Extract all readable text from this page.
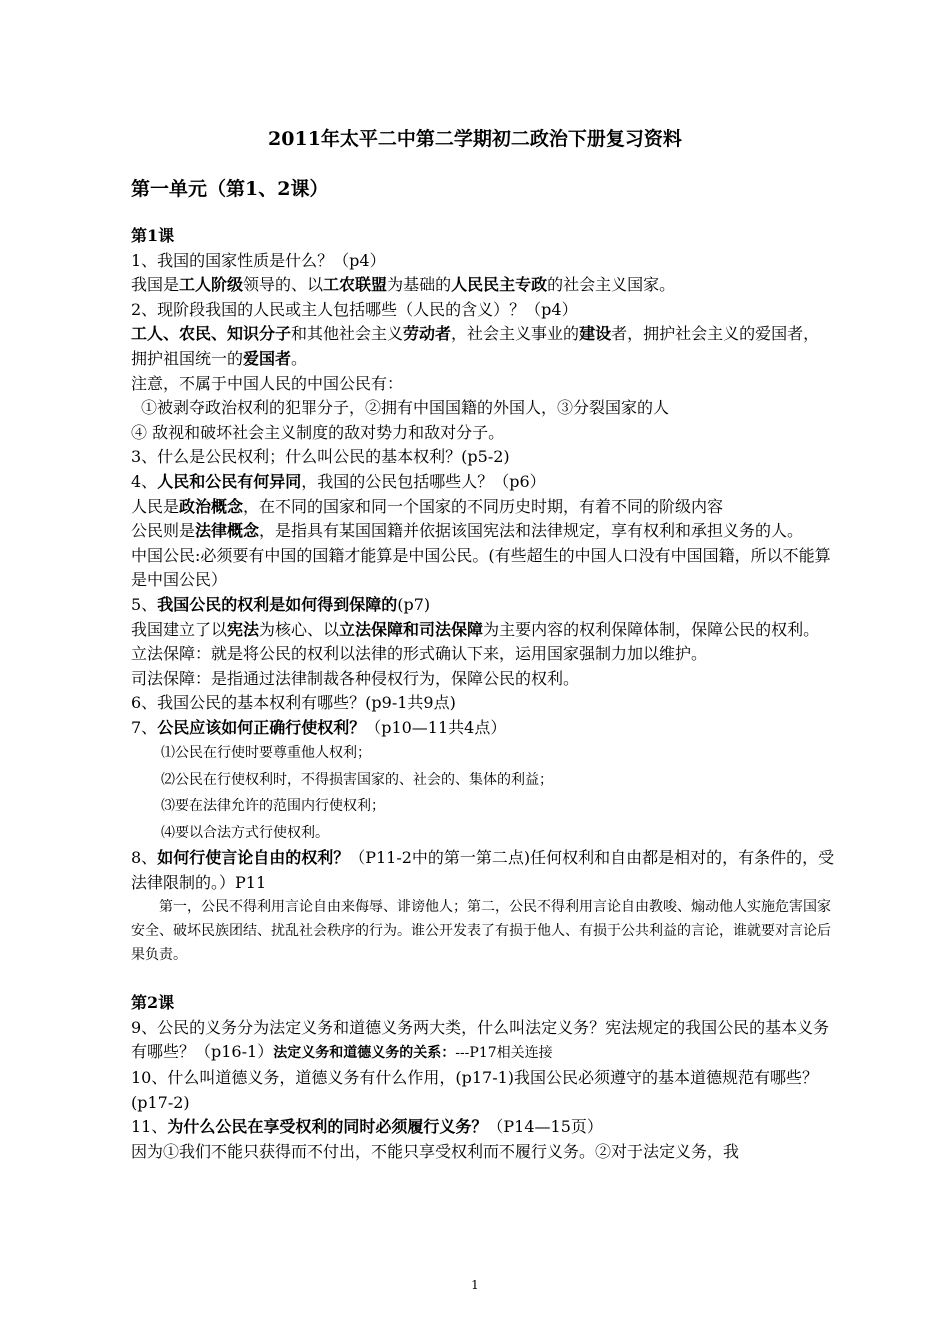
2011年太平二中第二学期初二政治下册复习资料
第一单元（第1、2课）

第1课

1、我国的国家性质是什么？（p4）

我国是工人阶级领导的、以工农联盟为基础的人民民主专政的社会主义国家。

2、现阶段我国的人民或主人包括哪些（人民的含义）？（p4）

工人、农民、知识分子和其他社会主义劳动者，社会主义事业的建设者，拥护社会主义的爱国者，拥护祖国统一的爱国者。

注意，不属于中国人民的中国公民有：

①被剥夺政治权利的犯罪分子，②拥有中国国籍的外国人，③分裂国家的人

④ 敌视和破坏社会主义制度的敌对势力和敌对分子。

3、什么是公民权利；什么叫公民的基本权利？(p5-2)

4、人民和公民有何异同，我国的公民包括哪些人？（p6）

人民是政治概念，在不同的国家和同一个国家的不同历史时期，有着不同的阶级内容

公民则是法律概念，是指具有某国国籍并依据该国宪法和法律规定，享有权利和承担义务的人。

中国公民:必须要有中国的国籍才能算是中国公民。(有些超生的中国人口没有中国国籍，所以不能算是中国公民）

5、我国公民的权利是如何得到保障的(p7)

我国建立了以宪法为核心、以立法保障和司法保障为主要内容的权利保障体制，保障公民的权利。

立法保障：就是将公民的权利以法律的形式确认下来，运用国家强制力加以维护。

司法保障：是指通过法律制裁各种侵权行为，保障公民的权利。

6、我国公民的基本权利有哪些？(p9-1共9点)

7、公民应该如何正确行使权利？（p10—11共4点）

⑴公民在行使时要尊重他人权利；

⑵公民在行使权利时，不得损害国家的、社会的、集体的利益；

⑶要在法律允许的范围内行使权利；

⑷要以合法方式行使权利。

8、如何行使言论自由的权利？（P11-2中的第一第二点)任何权利和自由都是相对的，有条件的，受法律限制的。）P11

第一，公民不得利用言论自由来侮辱、诽谤他人；第二，公民不得利用言论自由教唆、煽动他人实施危害国家安全、破坏民族团结、扰乱社会秩序的行为。谁公开发表了有损于他人、有损于公共利益的言论，谁就要对言论后果负责。

第2课

9、公民的义务分为法定义务和道德义务两大类，什么叫法定义务？宪法规定的我国公民的基本义务有哪些？（p16-1）法定义务和道德义务的关系：---P17相关连接

10、什么叫道德义务，道德义务有什么作用，(p17-1)我国公民必须遵守的基本道德规范有哪些？(p17-2)

11、为什么公民在享受权利的同时必须履行义务？（P14—15页）

因为①我们不能只获得而不付出，不能只享受权利而不履行义务。②对于法定义务，我

1
